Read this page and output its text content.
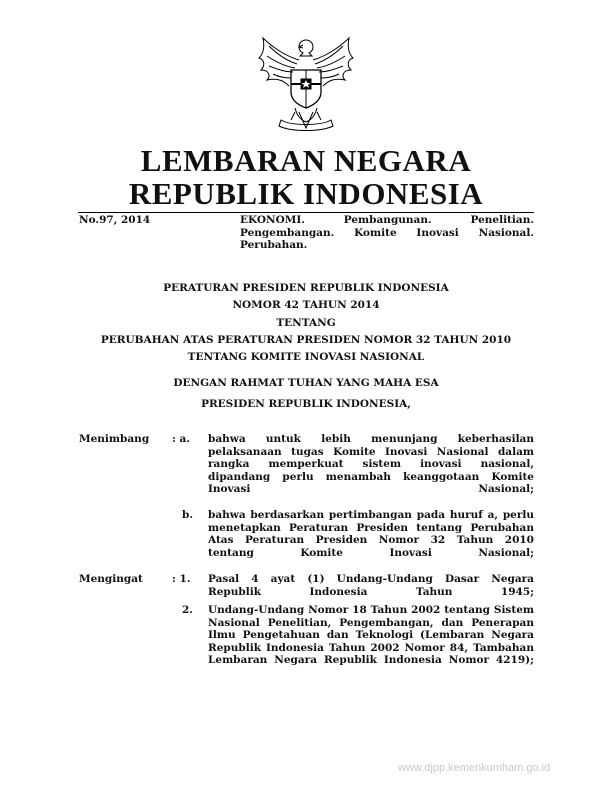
LEMBARAN NEGARA
REPUBLIK INDONESIA
No.97, 2014	EKONOMI. Pembangunan. Penelitian. Pengembangan. Komite Inovasi Nasional. Perubahan.
PERATURAN PRESIDEN REPUBLIK INDONESIA
NOMOR 42 TAHUN 2014
TENTANG
PERUBAHAN ATAS PERATURAN PRESIDEN NOMOR 32 TAHUN 2010
TENTANG KOMITE INOVASI NASIONAL
DENGAN RAHMAT TUHAN YANG MAHA ESA
PRESIDEN REPUBLIK INDONESIA,
Menimbang : a. bahwa untuk lebih menunjang keberhasilan pelaksanaan tugas Komite Inovasi Nasional dalam rangka memperkuat sistem inovasi nasional, dipandang perlu menambah keanggotaan Komite Inovasi Nasional;
b. bahwa berdasarkan pertimbangan pada huruf a, perlu menetapkan Peraturan Presiden tentang Perubahan Atas Peraturan Presiden Nomor 32 Tahun 2010 tentang Komite Inovasi Nasional;
Mengingat	: 1. Pasal 4 ayat (1) Undang-Undang Dasar Negara Republik Indonesia Tahun 1945;
2. Undang-Undang Nomor 18 Tahun 2002 tentang Sistem Nasional Penelitian, Pengembangan, dan Penerapan Ilmu Pengetahuan dan Teknologi (Lembaran Negara Republik Indonesia Tahun 2002 Nomor 84, Tambahan Lembaran Negara Republik Indonesia Nomor 4219);
www.djpp.kemenkumham.go.id
